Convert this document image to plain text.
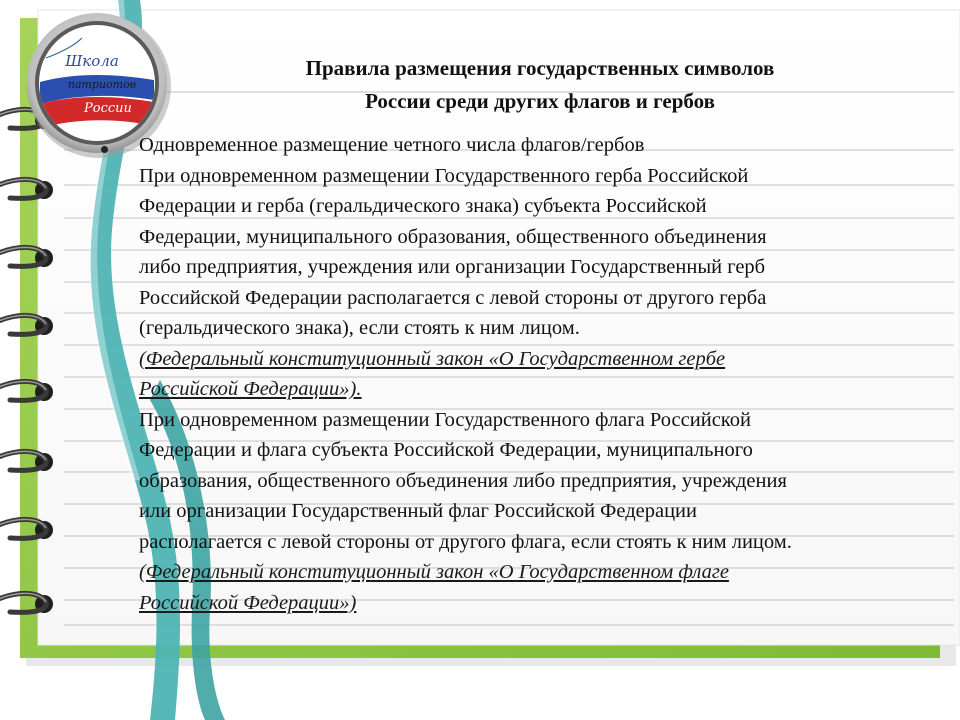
Школа
патриотов
России
Правила размещения государственных символов
России среди других флагов и гербов

Одновременное размещение четного числа флагов/гербов

При одновременном размещении Государственного герба Российской

Федерации и герба (геральдического знака) субъекта Российской

Федерации, муниципального образования, общественного объединения

либо предприятия, учреждения или организации Государственный герб

Российской Федерации располагается с левой стороны от другого герба

(геральдического знака), если стоять к ним лицом.

(Федеральный конституционный закон «О Государственном гербе

Российской Федерации»).

При одновременном размещении Государственного флага Российской

Федерации и флага субъекта Российской Федерации, муниципального

образования, общественного объединения либо предприятия, учреждения

или организации Государственный флаг Российской Федерации

располагается с левой стороны от другого флага, если стоять к ним лицом.

(Федеральный конституционный закон «О Государственном флаге

Российской Федерации»)
